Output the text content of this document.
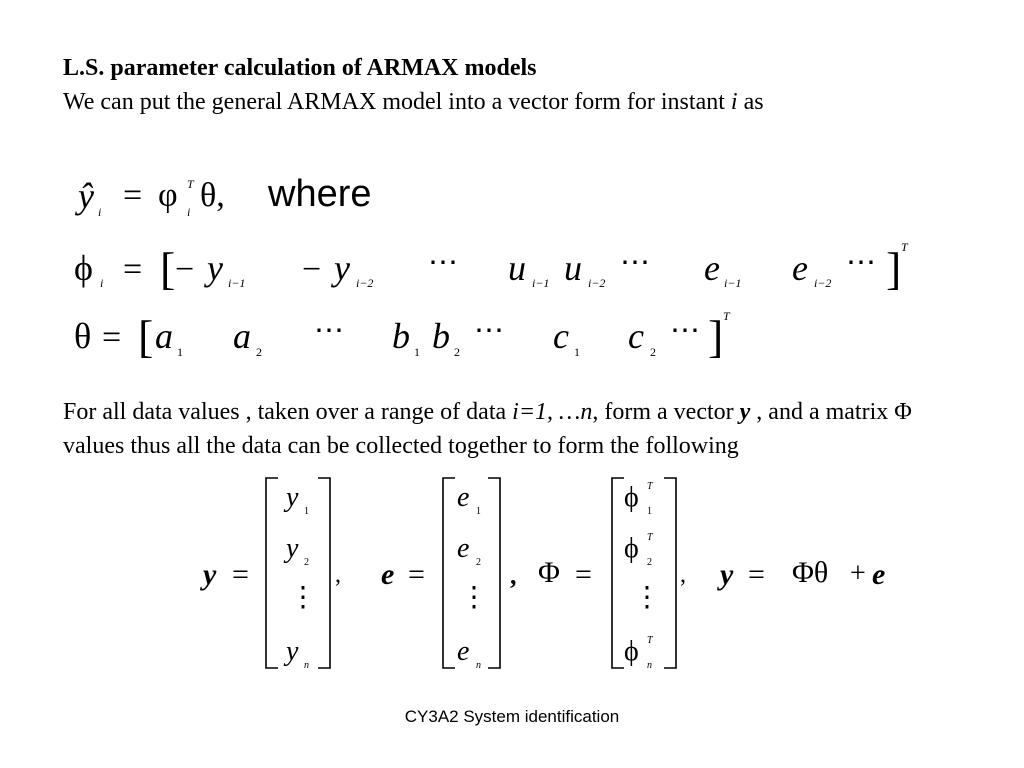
L.S. parameter calculation of ARMAX models
We can put the general ARMAX model into a vector form for instant i as
ŷ i = φ T
i θ, where
ϕ i = [ − y i−1 − y i−2
⋯ u i−1 u i−2
⋯ e i−1 e i−2
⋯ ] T
θ = [ a 1 a 2
⋯ b 1 b 2
⋯ c 1 c 2
⋯ ] T
For all data values , taken over a range of data i=1, …n, form a vector y , and a matrix Φ values thus all the data can be collected together to form the following
y =
y 1
y 2
⋮
y n
, e =
e 1
e 2
⋮
e n
, Φ =
ϕ T
1
ϕ T
2
⋮
ϕ T
n
, y = Φθ + e
CY3A2 System identification
